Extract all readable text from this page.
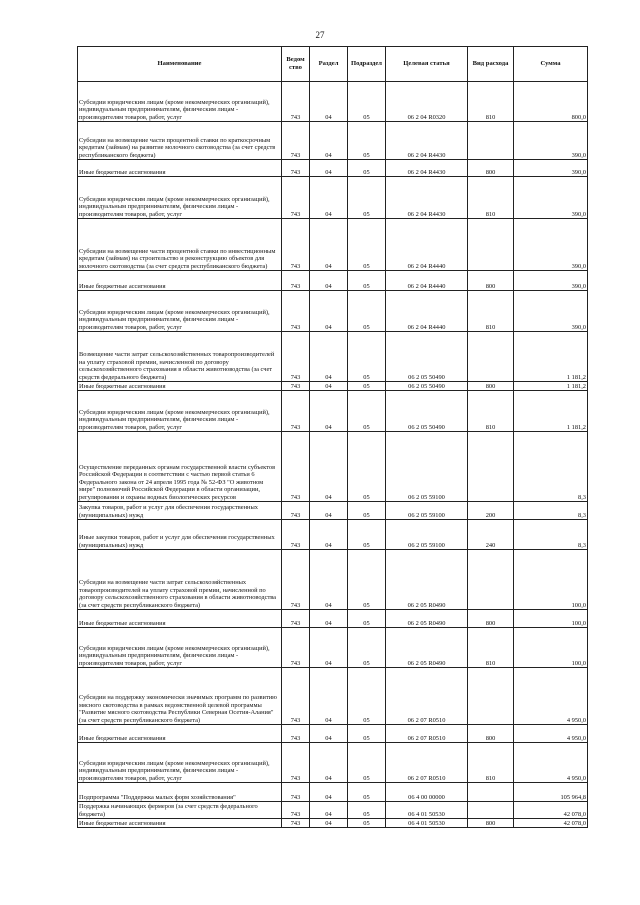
27
Наименование	Ведом ство	Раздел	Подраздел	Целевая статья	Вид расхода	Сумма
Субсидии юридическим лицам (кроме некоммерческих организаций), индивидуальным предпринимателям, физическим лицам - производителям товаров, работ, услуг	743	04	05	06 2 04 R0320	810	800,0
Субсидии на возмещение части процентной ставки по краткосрочным кредитам (займам) на развитие молочного скотоводства (за счет средств республиканского бюджета)	743	04	05	06 2 04 R4430		390,0
Иные бюджетные ассигнования	743	04	05	06 2 04 R4430	800	390,0
Субсидии юридическим лицам (кроме некоммерческих организаций), индивидуальным предпринимателям, физическим лицам - производителям товаров, работ, услуг	743	04	05	06 2 04 R4430	810	390,0
Субсидии на возмещение части процентной ставки по инвестиционным кредитам (займам) на строительство и реконструкцию объектов для молочного скотоводства (за счет средств республиканского бюджета)	743	04	05	06 2 04 R4440		390,0
Иные бюджетные ассигнования	743	04	05	06 2 04 R4440	800	390,0
Субсидии юридическим лицам (кроме некоммерческих организаций), индивидуальным предпринимателям, физическим лицам - производителям товаров, работ, услуг	743	04	05	06 2 04 R4440	810	390,0
Возмещение части затрат сельскохозяйственных товаропроизводителей на уплату страховой премии, начисленной по договору сельскохозяйственного страхования в области животноводства (за счет средств федерального бюджета)	743	04	05	06 2 05 50490		1 181,2
Иные бюджетные ассигнования	743	04	05	06 2 05 50490	800	1 181,2
Субсидии юридическим лицам (кроме некоммерческих организаций), индивидуальным предпринимателям, физическим лицам - производителям товаров, работ, услуг	743	04	05	06 2 05 50490	810	1 181,2
Осуществление переданных органам государственной власти субъектов Российской Федерации в соответствии с частью первой статьи 6 Федерального закона от 24 апреля 1995 года № 52-ФЗ "О животном мире" полномочий Российской Федерации в области организации, регулирования и охраны водных биологических ресурсов	743	04	05	06 2 05 59100		8,3
Закупка товаров, работ и услуг для обеспечения государственных (муниципальных) нужд	743	04	05	06 2 05 59100	200	8,3
Иные закупки товаров, работ и услуг для обеспечения государственных (муниципальных) нужд	743	04	05	06 2 05 59100	240	8,3
Субсидии на возмещение части затрат сельскохозяйственных товаропроизводителей на уплату страховой премии, начисленной по договору сельскохозяйственного страхования в области животноводства (за счет средств республиканского бюджета)	743	04	05	06 2 05 R0490		100,0
Иные бюджетные ассигнования	743	04	05	06 2 05 R0490	800	100,0
Субсидии юридическим лицам (кроме некоммерческих организаций), индивидуальным предпринимателям, физическим лицам - производителям товаров, работ, услуг	743	04	05	06 2 05 R0490	810	100,0
Субсидии на поддержку экономически значимых программ по развитию мясного скотоводства в рамках ведомственной целевой программы "Развитие мясного скотоводства Республики Северная Осетия-Алания" (за счет средств республиканского бюджета)	743	04	05	06 2 07 R0510		4 950,0
Иные бюджетные ассигнования	743	04	05	06 2 07 R0510	800	4 950,0
Субсидии юридическим лицам (кроме некоммерческих организаций), индивидуальным предпринимателям, физическим лицам - производителям товаров, работ, услуг	743	04	05	06 2 07 R0510	810	4 950,0
Подпрограмма "Поддержка малых форм хозяйствования"	743	04	05	06 4 00 00000		105 964,8
Поддержка начинающих фермеров (за счет средств федерального бюджета)	743	04	05	06 4 01 50530		42 078,0
Иные бюджетные ассигнования	743	04	05	06 4 01 50530	800	42 078,0
